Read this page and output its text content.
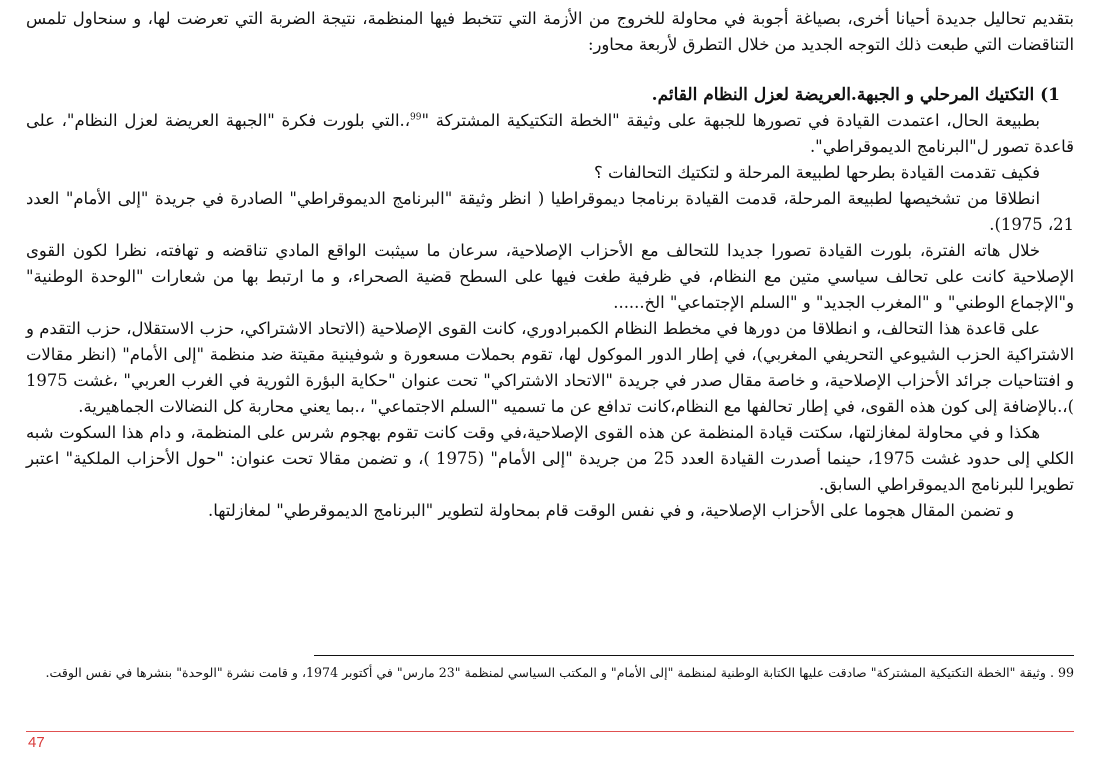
بتقديم تحاليل جديدة أحيانا أخرى، بصياغة أجوبة في محاولة للخروج من الأزمة التي تتخبط فيها المنظمة، نتيجة الضربة التي تعرضت لها، و سنحاول تلمس التناقضات التي طبعت ذلك التوجه الجديد من خلال التطرق لأربعة محاور:

1) التكتيك المرحلي و الجبهة.العريضة لعزل النظام القائم.

بطبيعة الحال، اعتمدت القيادة في تصورها للجبهة على وثيقة "الخطة التكتيكية المشتركة "$^{99}$،.التي بلورت فكرة "الجبهة العريضة لعزل النظام"، على قاعدة تصور ل"البرنامج الديموقراطي".

فكيف تقدمت القيادة بطرحها لطبيعة المرحلة و لتكتيك التحالفات ؟

انطلاقا من تشخيصها لطبيعة المرحلة، قدمت القيادة برنامجا ديموقراطيا ( انظر وثيقة "البرنامج الديموقراطي" الصادرة في جريدة "إلى الأمام" العدد 21، 1975).

خلال هاته الفترة، بلورت القيادة تصورا جديدا للتحالف مع الأحزاب الإصلاحية، سرعان ما سيثبت الواقع المادي تناقضه و تهافته، نظرا لكون القوى الإصلاحية كانت على تحالف سياسي متين مع النظام، في ظرفية طغت فيها على السطح قضية الصحراء، و ما ارتبط بها من شعارات "الوحدة الوطنية" و"الإجماع الوطني" و "المغرب الجديد" و "السلم الإجتماعي" الخ......

على قاعدة هذا التحالف، و انطلاقا من دورها في مخطط النظام الكمبرادوري، كانت القوى الإصلاحية (الاتحاد الاشتراكي، حزب الاستقلال، حزب التقدم و الاشتراكية الحزب الشيوعي التحريفي المغربي)، في إطار الدور الموكول لها، تقوم بحملات مسعورة و شوفينية مقيتة ضد منظمة "إلى الأمام" (انظر مقالات و افتتاحيات جرائد الأحزاب الإصلاحية، و خاصة مقال صدر في جريدة "الاتحاد الاشتراكي" تحت عنوان "حكاية البؤرة الثورية في الغرب العربي" ،غشت 1975 )،.بالإضافة إلى كون هذه القوى، في إطار تحالفها مع النظام،كانت تدافع عن ما تسميه "السلم الاجتماعي" ،.بما يعني محاربة كل النضالات الجماهيرية.

هكذا و في محاولة لمغازلتها، سكتت قيادة المنظمة عن هذه القوى الإصلاحية،في وقت كانت تقوم بهجوم شرس على المنظمة، و دام هذا السكوت شبه الكلي إلى حدود غشت 1975، حينما أصدرت القيادة العدد 25 من جريدة "إلى الأمام" (1975 )، و تضمن مقالا تحت عنوان: "حول الأحزاب الملكية" اعتبر تطويرا للبرنامج الديموقراطي السابق.

و تضمن المقال هجوما على الأحزاب الإصلاحية، و في نفس الوقت قام بمحاولة لتطوير "البرنامج الديموقرطي" لمغازلتها.

99 . وثيقة "الخطة التكتيكية المشتركة" صادقت عليها الكتابة الوطنية لمنظمة "إلى الأمام" و المكتب السياسي لمنظمة "23 مارس" في أكتوبر 1974، و قامت نشرة "الوحدة" بنشرها في نفس الوقت.

47
